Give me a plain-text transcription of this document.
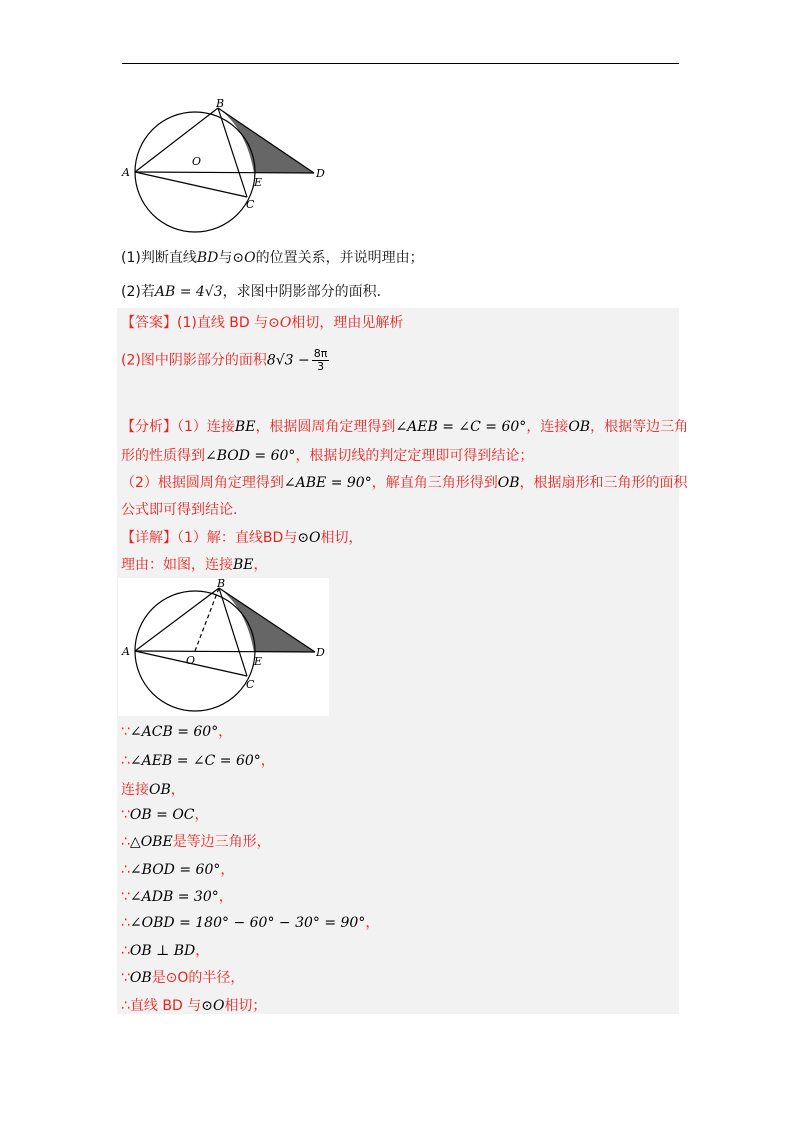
B
A
O
E
C
D
(1)判断直线BD与⊙O的位置关系，并说明理由；
(2)若AB = 4√3，求图中阴影部分的面积.
【答案】(1)直线 BD 与⊙O相切，理由见解析
(2)图中阴影部分的面积$8√3 - \frac{8\pi}{3}$
【分析】（1）连接BE，根据圆周角定理得到∠AEB = ∠C = 60°，连接OB，根据等边三角
形的性质得到∠BOD = 60°，根据切线的判定定理即可得到结论；
（2）根据圆周角定理得到∠ABE = 90°，解直角三角形得到OB，根据扇形和三角形的面积
公式即可得到结论.
【详解】（1）解：直线BD与⊙O相切，
理由：如图，连接BE，
B
A
O	E
C
D
∵∠ACB = 60°，
∴∠AEB = ∠C = 60°，
连接OB，
∵OB = OC，
∴△OBE是等边三角形，
∴∠BOD = 60°，
∵∠ADB = 30°，
∴∠OBD = 180° − 60° − 30° = 90°，
∴OB ⊥ BD，
∵OB是⊙O的半径，
∴直线 BD 与⊙O相切；
